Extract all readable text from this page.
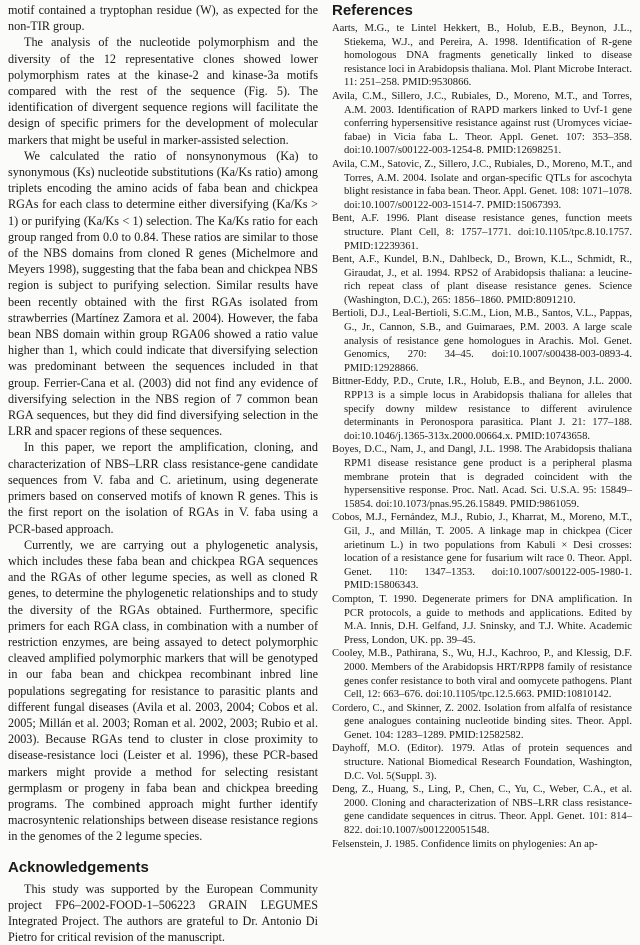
motif contained a tryptophan residue (W), as expected for the non-TIR group.

The analysis of the nucleotide polymorphism and the diversity of the 12 representative clones showed lower polymorphism rates at the kinase-2 and kinase-3a motifs compared with the rest of the sequence (Fig. 5). The identification of divergent sequence regions will facilitate the design of specific primers for the development of molecular markers that might be useful in marker-assisted selection.

We calculated the ratio of nonsynonymous (Ka) to synonymous (Ks) nucleotide substitutions (Ka/Ks ratio) among triplets encoding the amino acids of faba bean and chickpea RGAs for each class to determine either diversifying (Ka/Ks > 1) or purifying (Ka/Ks < 1) selection. The Ka/Ks ratio for each group ranged from 0.0 to 0.84. These ratios are similar to those of the NBS domains from cloned R genes (Michelmore and Meyers 1998), suggesting that the faba bean and chickpea NBS region is subject to purifying selection. Similar results have been recently obtained with the first RGAs isolated from strawberries (Martínez Zamora et al. 2004). However, the faba bean NBS domain within group RGA06 showed a ratio value higher than 1, which could indicate that diversifying selection was predominant between the sequences included in that group. Ferrier-Cana et al. (2003) did not find any evidence of diversifying selection in the NBS region of 7 common bean RGA sequences, but they did find diversifying selection in the LRR and spacer regions of these sequences.

In this paper, we report the amplification, cloning, and characterization of NBS–LRR class resistance-gene candidate sequences from V. faba and C. arietinum, using degenerate primers based on conserved motifs of known R genes. This is the first report on the isolation of RGAs in V. faba using a PCR-based approach.

Currently, we are carrying out a phylogenetic analysis, which includes these faba bean and chickpea RGA sequences and the RGAs of other legume species, as well as cloned R genes, to determine the phylogenetic relationships and to study the diversity of the RGAs obtained. Furthermore, specific primers for each RGA class, in combination with a number of restriction enzymes, are being assayed to detect polymorphic cleaved amplified polymorphic markers that will be genotyped in our faba bean and chickpea recombinant inbred line populations segregating for resistance to parasitic plants and different fungal diseases (Avila et al. 2003, 2004; Cobos et al. 2005; Millán et al. 2003; Roman et al. 2002, 2003; Rubio et al. 2003). Because RGAs tend to cluster in close proximity to disease-resistance loci (Leister et al. 1996), these PCR-based markers might provide a method for selecting resistant germplasm or progeny in faba bean and chickpea breeding programs. The combined approach might further identify macrosyntenic relationships between disease resistance regions in the genomes of the 2 legume species.

Acknowledgements

This study was supported by the European Community project FP6–2002-FOOD-1–506223 GRAIN LEGUMES Integrated Project. The authors are grateful to Dr. Antonio Di Pietro for critical revision of the manuscript.

References

Aarts, M.G., te Lintel Hekkert, B., Holub, E.B., Beynon, J.L., Stiekema, W.J., and Pereira, A. 1998. Identification of R-gene homologous DNA fragments genetically linked to disease resistance loci in Arabidopsis thaliana. Mol. Plant Microbe Interact. 11: 251–258. PMID:9530866.

Avila, C.M., Sillero, J.C., Rubiales, D., Moreno, M.T., and Torres, A.M. 2003. Identification of RAPD markers linked to Uvf-1 gene conferring hypersensitive resistance against rust (Uromyces viciae-fabae) in Vicia faba L. Theor. Appl. Genet. 107: 353–358. doi:10.1007/s00122-003-1254-8. PMID:12698251.

Avila, C.M., Satovic, Z., Sillero, J.C., Rubiales, D., Moreno, M.T., and Torres, A.M. 2004. Isolate and organ-specific QTLs for ascochyta blight resistance in faba bean. Theor. Appl. Genet. 108: 1071–1078. doi:10.1007/s00122-003-1514-7. PMID:15067393.

Bent, A.F. 1996. Plant disease resistance genes, function meets structure. Plant Cell, 8: 1757–1771. doi:10.1105/tpc.8.10.1757. PMID:12239361.

Bent, A.F., Kundel, B.N., Dahlbeck, D., Brown, K.L., Schmidt, R., Giraudat, J., et al. 1994. RPS2 of Arabidopsis thaliana: a leucine-rich repeat class of plant disease resistance genes. Science (Washington, D.C.), 265: 1856–1860. PMID:8091210.

Bertioli, D.J., Leal-Bertioli, S.C.M., Lion, M.B., Santos, V.L., Pappas, G., Jr., Cannon, S.B., and Guimaraes, P.M. 2003. A large scale analysis of resistance gene homologues in Arachis. Mol. Genet. Genomics, 270: 34–45. doi:10.1007/s00438-003-0893-4. PMID:12928866.

Bittner-Eddy, P.D., Crute, I.R., Holub, E.B., and Beynon, J.L. 2000. RPP13 is a simple locus in Arabidopsis thaliana for alleles that specify downy mildew resistance to different avirulence determinants in Peronospora parasitica. Plant J. 21: 177–188. doi:10.1046/j.1365-313x.2000.00664.x. PMID:10743658.

Boyes, D.C., Nam, J., and Dangl, J.L. 1998. The Arabidopsis thaliana RPM1 disease resistance gene product is a peripheral plasma membrane protein that is degraded coincident with the hypersensitive response. Proc. Natl. Acad. Sci. U.S.A. 95: 15849–15854. doi:10.1073/pnas.95.26.15849. PMID:9861059.

Cobos, M.J., Fernández, M.J., Rubio, J., Kharrat, M., Moreno, M.T., Gil, J., and Millán, T. 2005. A linkage map in chickpea (Cicer arietinum L.) in two populations from Kabuli × Desi crosses: location of a resistance gene for fusarium wilt race 0. Theor. Appl. Genet. 110: 1347–1353. doi:10.1007/s00122-005-1980-1. PMID:15806343.

Compton, T. 1990. Degenerate primers for DNA amplification. In PCR protocols, a guide to methods and applications. Edited by M.A. Innis, D.H. Gelfand, J.J. Sninsky, and T.J. White. Academic Press, London, UK. pp. 39–45.

Cooley, M.B., Pathirana, S., Wu, H.J., Kachroo, P., and Klessig, D.F. 2000. Members of the Arabidopsis HRT/RPP8 family of resistance genes confer resistance to both viral and oomycete pathogens. Plant Cell, 12: 663–676. doi:10.1105/tpc.12.5.663. PMID:10810142.

Cordero, C., and Skinner, Z. 2002. Isolation from alfalfa of resistance gene analogues containing nucleotide binding sites. Theor. Appl. Genet. 104: 1283–1289. PMID:12582582.

Dayhoff, M.O. (Editor). 1979. Atlas of protein sequences and structure. National Biomedical Research Foundation, Washington, D.C. Vol. 5(Suppl. 3).

Deng, Z., Huang, S., Ling, P., Chen, C., Yu, C., Weber, C.A., et al. 2000. Cloning and characterization of NBS–LRR class resistance-gene candidate sequences in citrus. Theor. Appl. Genet. 101: 814–822. doi:10.1007/s001220051548.

Felsenstein, J. 1985. Confidence limits on phylogenies: An ap-
